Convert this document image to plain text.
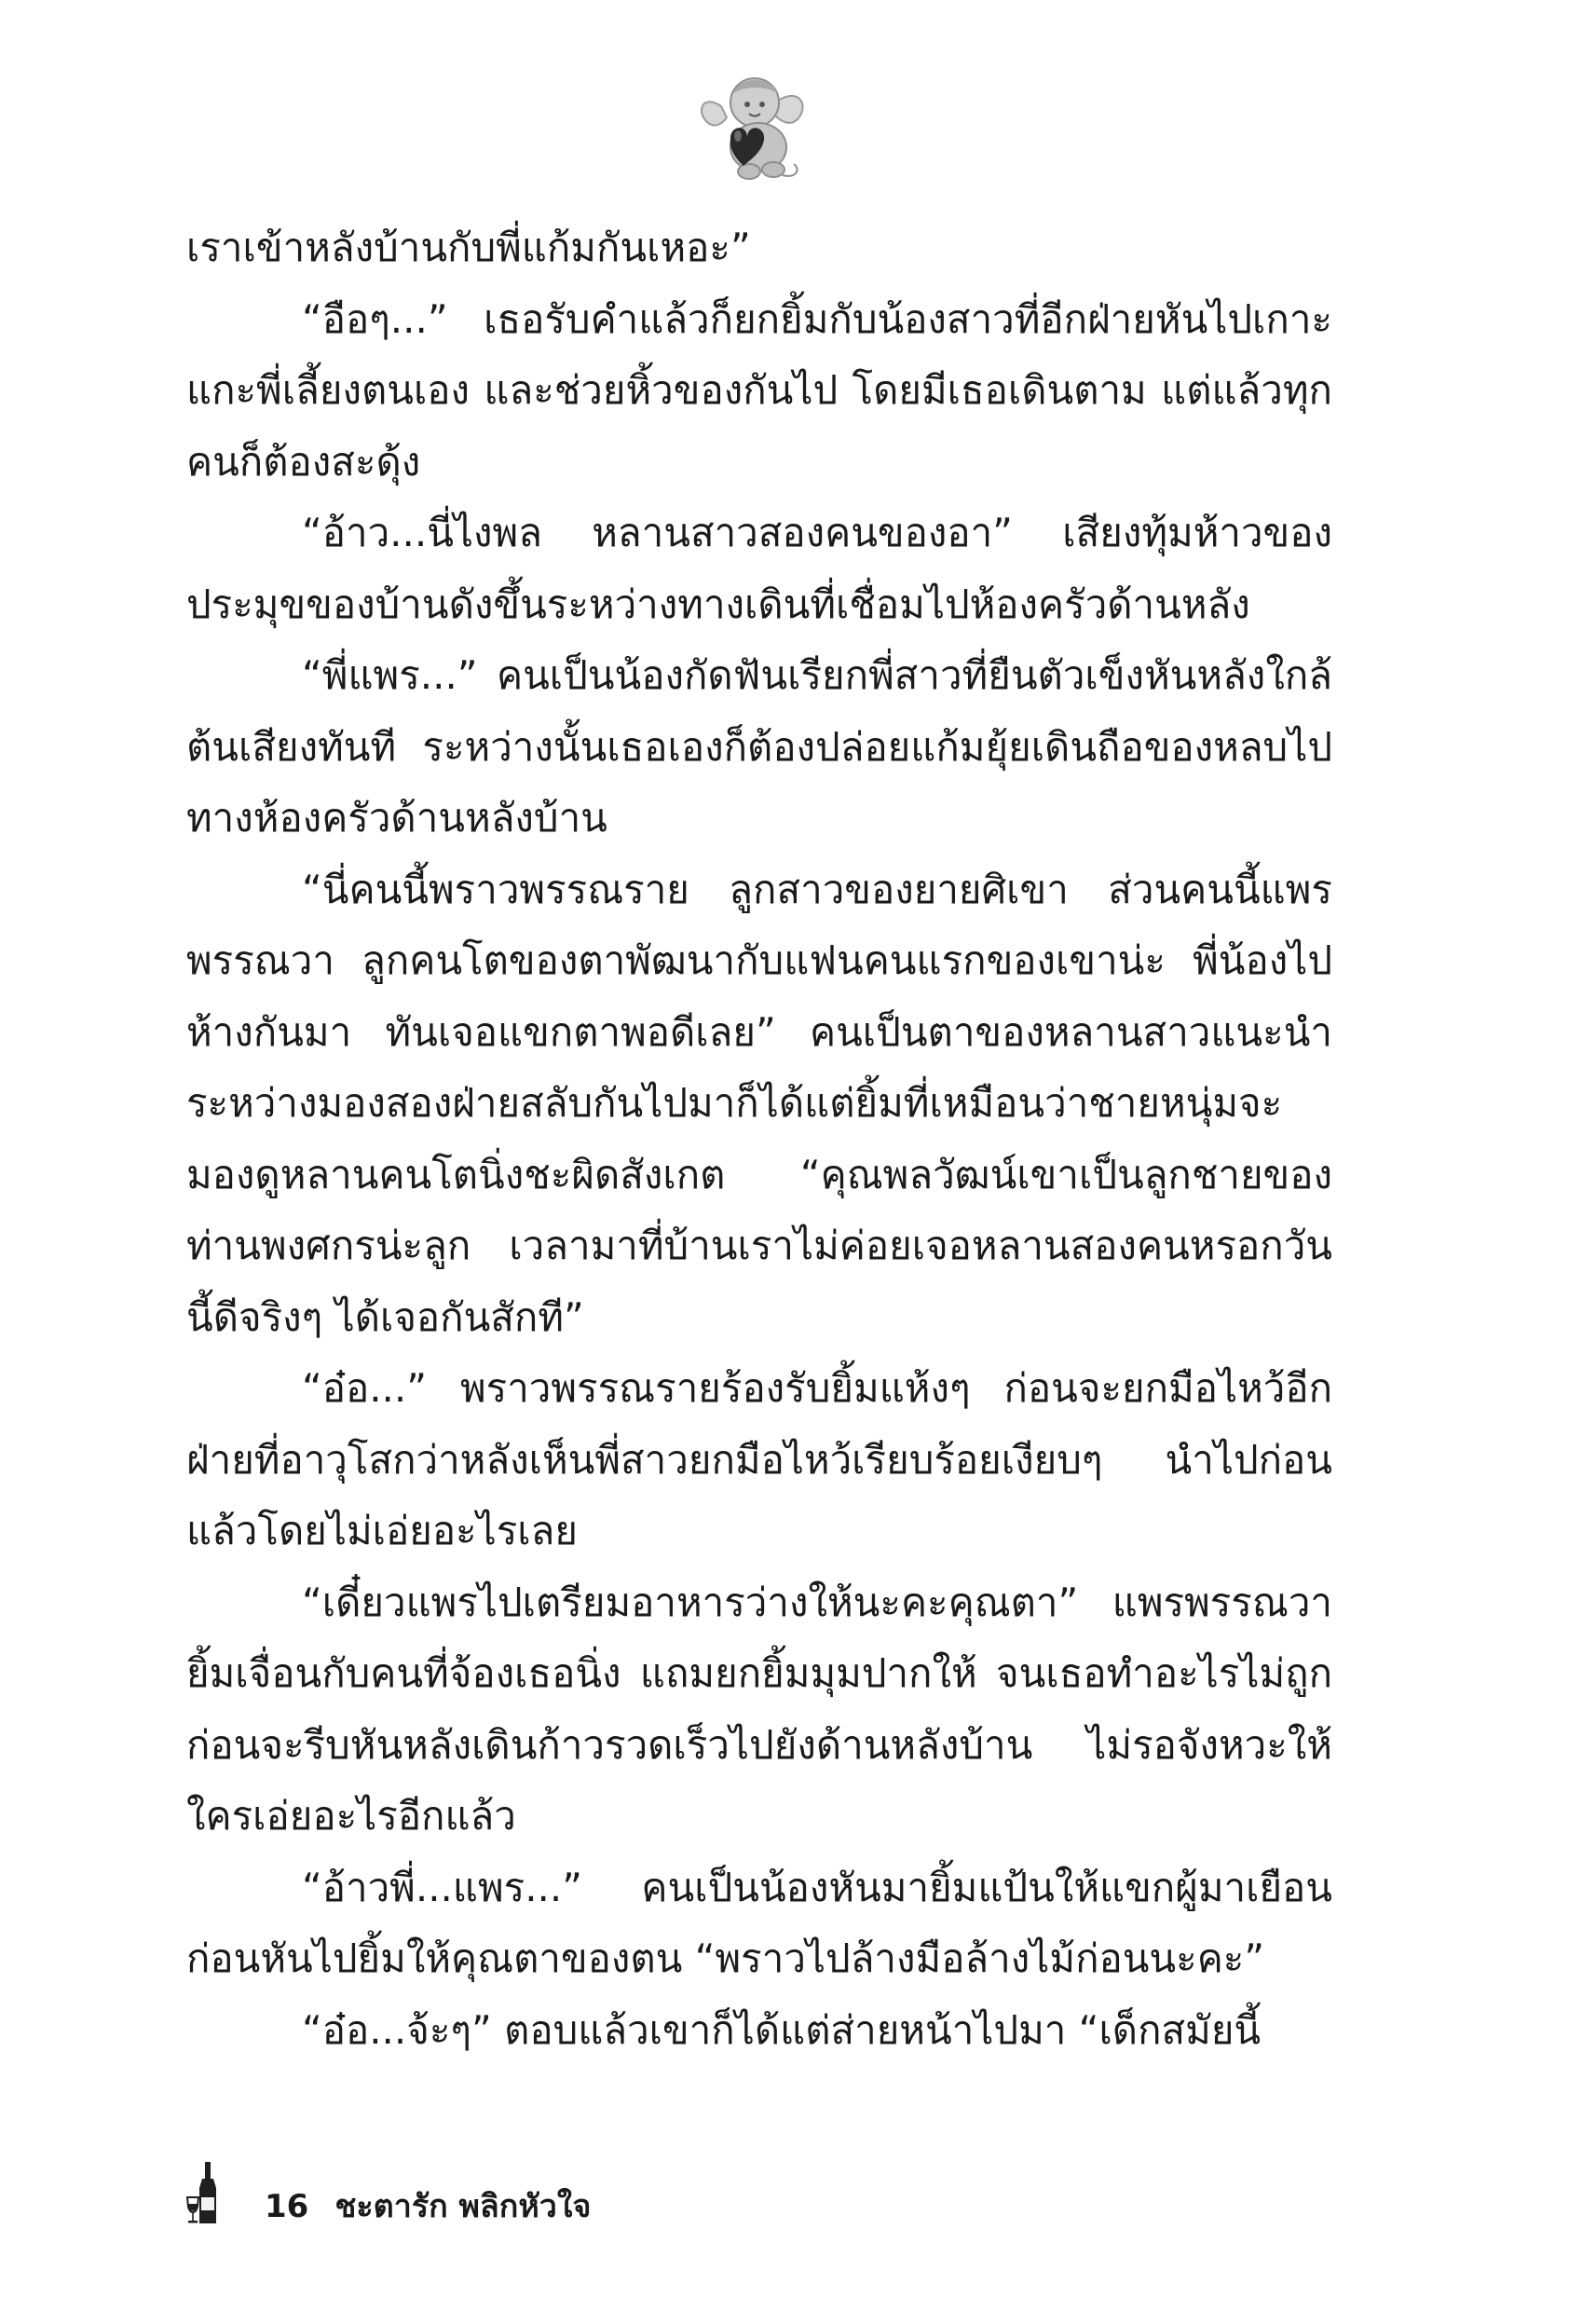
เราเข้าหลังบ้านกับพี่แก้มกันเหอะ”

“อือๆ...” เธอรับคำแล้วก็ยกยิ้มกับน้องสาวที่อีกฝ่ายหันไปเกาะแกะพี่เลี้ยงตนเอง และช่วยหิ้วของกันไป โดยมีเธอเดินตาม แต่แล้วทุกคนก็ต้องสะดุ้ง

“อ้าว...นี่ไงพล หลานสาวสองคนของอา” เสียงทุ้มห้าวของประมุขของบ้านดังขึ้นระหว่างทางเดินที่เชื่อมไปห้องครัวด้านหลัง

“พี่แพร...” คนเป็นน้องกัดฟันเรียกพี่สาวที่ยืนตัวเข็งหันหลังใกล้ต้นเสียงทันที ระหว่างนั้นเธอเองก็ต้องปล่อยแก้มยุ้ยเดินถือของหลบไปทางห้องครัวด้านหลังบ้าน

“นี่คนนี้พราวพรรณราย ลูกสาวของยายศิเขา ส่วนคนนี้แพรพรรณวา ลูกคนโตของตาพัฒนากับแฟนคนแรกของเขาน่ะ พี่น้องไปห้างกันมา ทันเจอแขกตาพอดีเลย” คนเป็นตาของหลานสาวแนะนำระหว่างมองสองฝ่ายสลับกันไปมาก็ได้แต่ยิ้มที่เหมือนว่าชายหนุ่มจะมองดูหลานคนโตนิ่งชะผิดสังเกต “คุณพลวัฒน์เขาเป็นลูกชายของท่านพงศกรน่ะลูก เวลามาที่บ้านเราไม่ค่อยเจอหลานสองคนหรอกวันนี้ดีจริงๆ ได้เจอกันสักที”

“อ๋อ...” พราวพรรณรายร้องรับยิ้มแห้งๆ ก่อนจะยกมือไหว้อีกฝ่ายที่อาวุโสกว่าหลังเห็นพี่สาวยกมือไหว้เรียบร้อยเงียบๆ นำไปก่อนแล้วโดยไม่เอ่ยอะไรเลย

“เดี๋ยวแพรไปเตรียมอาหารว่างให้นะคะคุณตา” แพรพรรณวายิ้มเจื่อนกับคนที่จ้องเธอนิ่ง แถมยกยิ้มมุมปากให้ จนเธอทำอะไรไม่ถูกก่อนจะรีบหันหลังเดินก้าวรวดเร็วไปยังด้านหลังบ้าน ไม่รอจังหวะให้ใครเอ่ยอะไรอีกแล้ว

“อ้าวพี่...แพร...” คนเป็นน้องหันมายิ้มแป้นให้แขกผู้มาเยือนก่อนหันไปยิ้มให้คุณตาของตน “พราวไปล้างมือล้างไม้ก่อนนะคะ”

“อ๋อ...จ้ะๆ” ตอบแล้วเขาก็ได้แต่ส่ายหน้าไปมา “เด็กสมัยนี้

16 ชะตารัก พลิกหัวใจ
